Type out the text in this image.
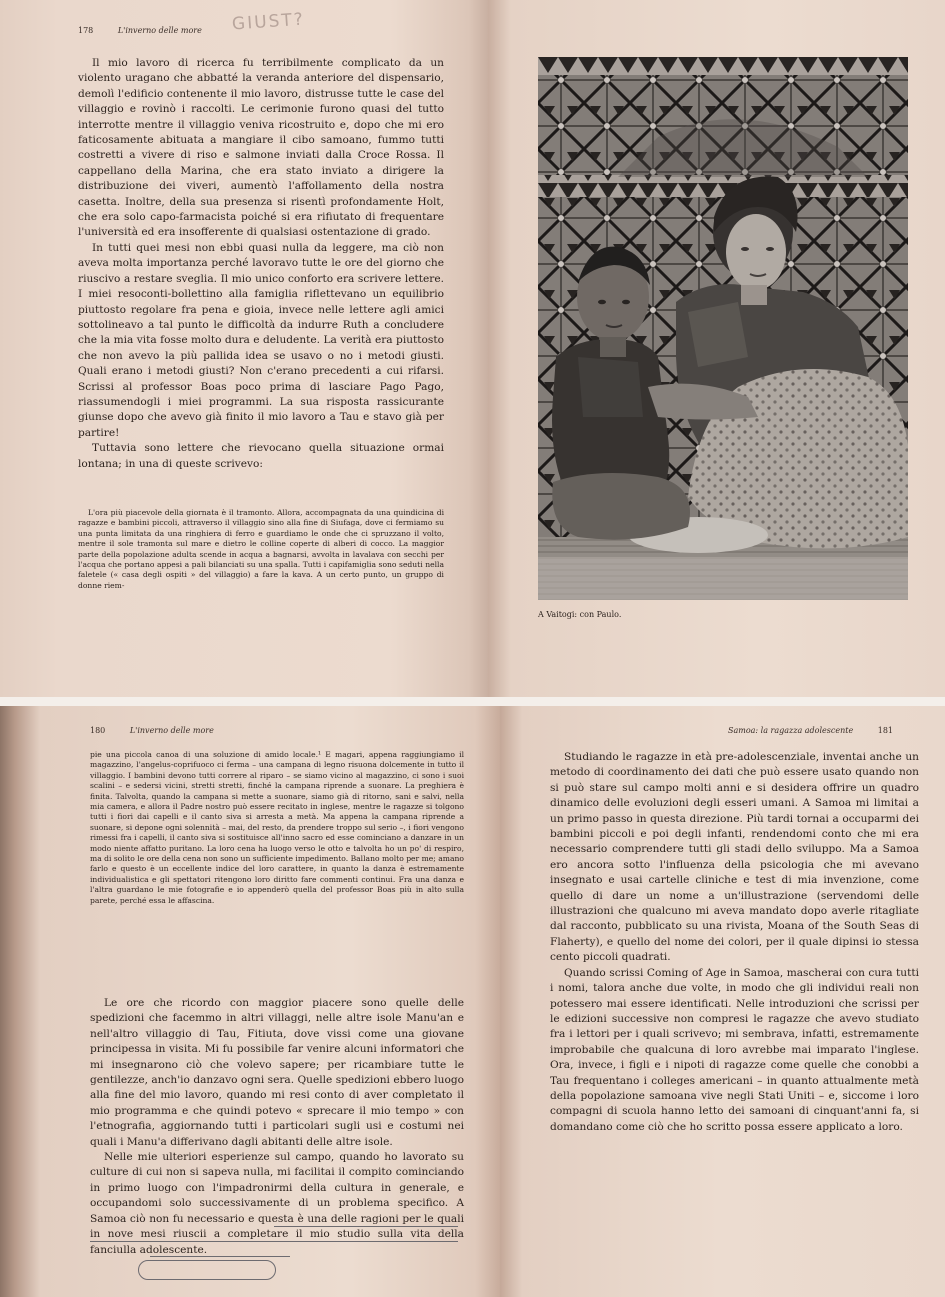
178	L'inverno delle more GIUST?

Il mio lavoro di ricerca fu terribilmente complicato da un violento uragano che abbatté la veranda anteriore del dispensario, demolì l'edificio contenente il mio lavoro, distrusse tutte le case del villaggio e rovinò i raccolti. Le cerimonie furono quasi del tutto interrotte mentre il villaggio veniva ricostruito e, dopo che mi ero faticosamente abituata a mangiare il cibo samoano, fummo tutti costretti a vivere di riso e salmone inviati dalla Croce Rossa. Il cappellano della Marina, che era stato inviato a dirigere la distribuzione dei viveri, aumentò l'affollamento della nostra casetta. Inoltre, della sua presenza si risentì profondamente Holt, che era solo capo-farmacista poiché si era rifiutato di frequentare l'università ed era insofferente di qualsiasi ostentazione di grado.

In tutti quei mesi non ebbi quasi nulla da leggere, ma ciò non aveva molta importanza perché lavoravo tutte le ore del giorno che riuscivo a restare sveglia. Il mio unico conforto era scrivere lettere. I miei resoconti-bollettino alla famiglia riflettevano un equilibrio piuttosto regolare fra pena e gioia, invece nelle lettere agli amici sottolineavo a tal punto le difficoltà da indurre Ruth a concludere che la mia vita fosse molto dura e deludente. La verità era piuttosto che non avevo la più pallida idea se usavo o no i metodi giusti. Quali erano i metodi giusti? Non c'erano precedenti a cui rifarsi. Scrissi al professor Boas poco prima di lasciare Pago Pago, riassumendogli i miei programmi. La sua risposta rassicurante giunse dopo che avevo già finito il mio lavoro a Tau e stavo già per partire!

Tuttavia sono lettere che rievocano quella situazione ormai lontana; in una di queste scrivevo:

L'ora più piacevole della giornata è il tramonto. Allora, accompagnata da una quindicina di ragazze e bambini piccoli, attraverso il villaggio sino alla fine di Siufaga, dove ci fermiamo su una punta limitata da una ringhiera di ferro e guardiamo le onde che ci spruzzano il volto, mentre il sole tramonta sul mare e dietro le colline coperte di alberi di cocco. La maggior parte della popolazione adulta scende in acqua a bagnarsi, avvolta in lavalava con secchi per l'acqua che portano appesi a pali bilanciati su una spalla. Tutti i capifamiglia sono seduti nella faletele (« casa degli ospiti » del villaggio) a fare la kava. A un certo punto, un gruppo di donne riem-

A Vaitogi: con Paulo.
180	L'inverno delle more

pie una piccola canoa di una soluzione di amido locale.¹ E magari, appena raggiungiamo il magazzino, l'angelus-coprifuoco ci ferma – una campana di legno risuona dolcemente in tutto il villaggio. I bambini devono tutti correre al riparo – se siamo vicino al magazzino, ci sono i suoi scalini – e sedersi vicini, stretti stretti, finché la campana riprende a suonare. La preghiera è finita. Talvolta, quando la campana si mette a suonare, siamo già di ritorno, sani e salvi, nella mia camera, e allora il Padre nostro può essere recitato in inglese, mentre le ragazze si tolgono tutti i fiori dai capelli e il canto siva si arresta a metà. Ma appena la campana riprende a suonare, si depone ogni solennità – mai, del resto, da prendere troppo sul serio –, i fiori vengono rimessi fra i capelli, il canto siva si sostituisce all'inno sacro ed esse cominciano a danzare in un modo niente affatto puritano. La loro cena ha luogo verso le otto e talvolta ho un po' di respiro, ma di solito le ore della cena non sono un sufficiente impedimento. Ballano molto per me; amano farlo e questo è un eccellente indice del loro carattere, in quanto la danza è estremamente individualistica e gli spettatori ritengono loro diritto fare commenti continui. Fra una danza e l'altra guardano le mie fotografie e io appenderò quella del professor Boas più in alto sulla parete, perché essa le affascina.

Le ore che ricordo con maggior piacere sono quelle delle spedizioni che facemmo in altri villaggi, nelle altre isole Manu'an e nell'altro villaggio di Tau, Fitiuta, dove vissi come una giovane principessa in visita. Mi fu possibile far venire alcuni informatori che mi insegnarono ciò che volevo sapere; per ricambiare tutte le gentilezze, anch'io danzavo ogni sera. Quelle spedizioni ebbero luogo alla fine del mio lavoro, quando mi resi conto di aver completato il mio programma e che quindi potevo « sprecare il mio tempo » con l'etnografia, aggiornando tutti i particolari sugli usi e costumi nei quali i Manu'a differivano dagli abitanti delle altre isole.

Nelle mie ulteriori esperienze sul campo, quando ho lavorato su culture di cui non si sapeva nulla, mi facilitai il compito cominciando in primo luogo con l'impadronirmi della cultura in generale, e occupandomi solo successivamente di un problema specifico. A Samoa ciò non fu necessario e questa è una delle ragioni per le quali in nove mesi riuscii a completare il mio studio sulla vita della fanciulla adolescente.

Samoa: la ragazza adolescente	181

Studiando le ragazze in età pre-adolescenziale, inventai anche un metodo di coordinamento dei dati che può essere usato quando non si può stare sul campo molti anni e si desidera offrire un quadro dinamico delle evoluzioni degli esseri umani. A Samoa mi limitai a un primo passo in questa direzione. Più tardi tornai a occuparmi dei bambini piccoli e poi degli infanti, rendendomi conto che mi era necessario comprendere tutti gli stadi dello sviluppo. Ma a Samoa ero ancora sotto l'influenza della psicologia che mi avevano insegnato e usai cartelle cliniche e test di mia invenzione, come quello di dare un nome a un'illustrazione (servendomi delle illustrazioni che qualcuno mi aveva mandato dopo averle ritagliate dal racconto, pubblicato su una rivista, Moana of the South Seas di Flaherty), e quello del nome dei colori, per il quale dipinsi io stessa cento piccoli quadrati.

Quando scrissi Coming of Age in Samoa, mascherai con cura tutti i nomi, talora anche due volte, in modo che gli individui reali non potessero mai essere identificati. Nelle introduzioni che scrissi per le edizioni successive non compresi le ragazze che avevo studiato fra i lettori per i quali scrivevo; mi sembrava, infatti, estremamente improbabile che qualcuna di loro avrebbe mai imparato l'inglese. Ora, invece, i figli e i nipoti di ragazze come quelle che conobbi a Tau frequentano i colleges americani – in quanto attualmente metà della popolazione samoana vive negli Stati Uniti – e, siccome i loro compagni di scuola hanno letto dei samoani di cinquant'anni fa, si domandano come ciò che ho scritto possa essere applicato a loro.
